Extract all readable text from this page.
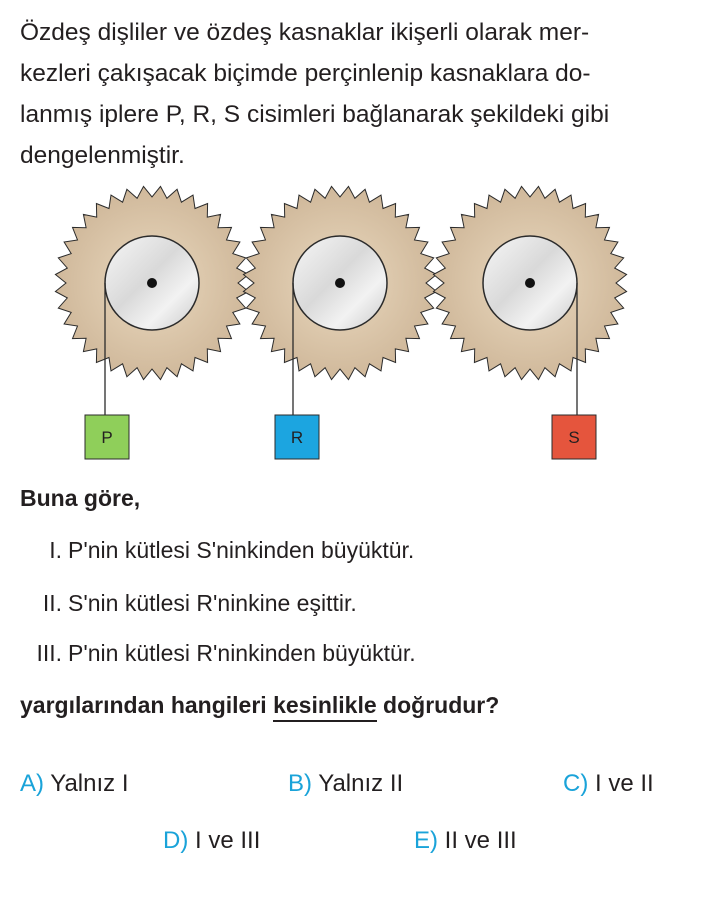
Özdeş dişliler ve özdeş kasnaklar ikişerli olarak mer-
kezleri çakışacak biçimde perçinlenip kasnaklara do-
lanmış iplere P, R, S cisimleri bağlanarak şekildeki gibi
dengelenmiştir.
P	R	S
Buna göre,
I. P'nin kütlesi S'ninkinden büyüktür.
II. S'nin kütlesi R'ninkine eşittir.
III. P'nin kütlesi R'ninkinden büyüktür.
yargılarından hangileri kesinlikle doğrudur?
A) Yalnız I	B) Yalnız II	C) I ve II
D) I ve III	E) II ve III
